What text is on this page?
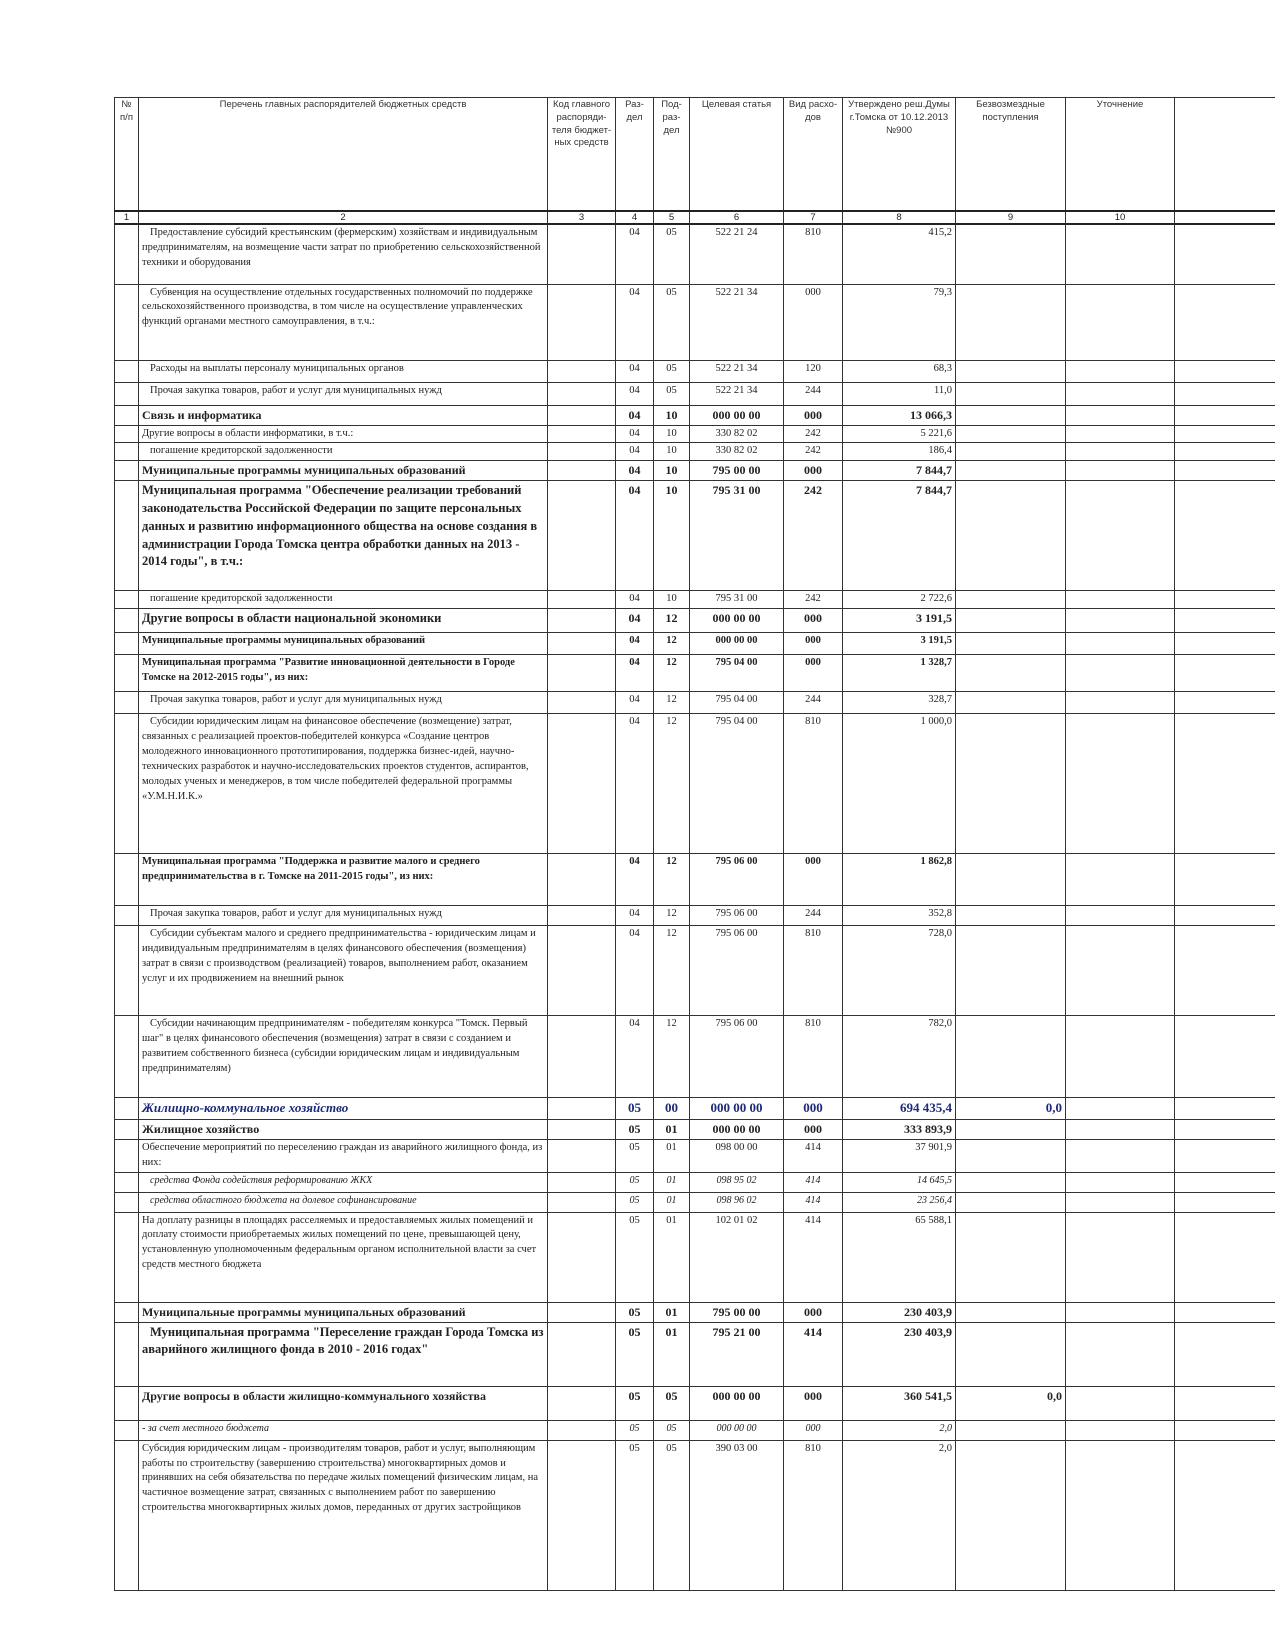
№ п/п	Перечень главных распорядителей бюджетных средств	Код главного распоряди-теля бюджет-ных средств	Раз-дел	Под-раз-дел	Целевая статья	Вид расхо-дов	Утверждено реш.Думы г.Томска от 10.12.2013 №900	Безвозмездные поступления	Уточнение	
1	2	3	4	5	6	7	8	9	10	
	Предоставление субсидий крестьянским (фермерским) хозяйствам и индивидуальным предпринимателям, на возмещение части затрат по приобретению сельскохозяйственной техники и оборудования		04	05	522 21 24	810	415,2			
	Субвенция на осуществление отдельных государственных полномочий по поддержке сельскохозяйственного производства, в том числе на осуществление управленческих функций органами местного самоуправления, в т.ч.:		04	05	522 21 34	000	79,3			
	Расходы на выплаты персоналу муниципальных органов		04	05	522 21 34	120	68,3			
	Прочая закупка товаров, работ и услуг для муниципальных нужд		04	05	522 21 34	244	11,0			
	Связь и информатика		04	10	000 00 00	000	13 066,3			
	Другие вопросы в области информатики, в т.ч.:		04	10	330 82 02	242	5 221,6			
	погашение кредиторской задолженности		04	10	330 82 02	242	186,4			
	Муниципальные программы муниципальных образований		04	10	795 00 00	000	7 844,7			
	Муниципальная программа "Обеспечение реализации требований законодательства Российской Федерации по защите персональных данных и развитию информационного общества на основе создания в администрации Города Томска центра обработки данных на 2013 - 2014 годы", в т.ч.:		04	10	795 31 00	242	7 844,7			
	погашение кредиторской задолженности		04	10	795 31 00	242	2 722,6			
	Другие вопросы в области национальной экономики		04	12	000 00 00	000	3 191,5			
	Муниципальные программы муниципальных образований		04	12	000 00 00	000	3 191,5			
	Муниципальная программа "Развитие инновационной деятельности в Городе Томске на 2012-2015 годы", из них:		04	12	795 04 00	000	1 328,7			
	Прочая закупка товаров, работ и услуг для муниципальных нужд		04	12	795 04 00	244	328,7			
	Субсидии юридическим лицам на финансовое обеспечение (возмещение) затрат, связанных с реализацией проектов-победителей конкурса «Создание центров молодежного инновационного прототипирования, поддержка бизнес-идей, научно-технических разработок и научно-исследовательских проектов студентов, аспирантов, молодых ученых и менеджеров, в том числе победителей федеральной программы «У.М.Н.И.К.»		04	12	795 04 00	810	1 000,0			
	Муниципальная программа "Поддержка и развитие малого и среднего предпринимательства в г. Томске на 2011-2015 годы", из них:		04	12	795 06 00	000	1 862,8			
	Прочая закупка товаров, работ и услуг для муниципальных нужд		04	12	795 06 00	244	352,8			
	Субсидии субъектам малого и среднего предпринимательства - юридическим лицам и индивидуальным предпринимателям в целях финансового обеспечения (возмещения) затрат в связи с производством (реализацией) товаров, выполнением работ, оказанием услуг и их продвижением на внешний рынок		04	12	795 06 00	810	728,0			
	Субсидии начинающим предпринимателям - победителям конкурса "Томск. Первый шаг" в целях финансового обеспечения (возмещения) затрат в связи с созданием и развитием собственного бизнеса (субсидии юридическим лицам и индивидуальным предпринимателям)		04	12	795 06 00	810	782,0			
	Жилищно-коммунальное хозяйство		05	00	000 00 00	000	694 435,4	0,0		
	Жилищное хозяйство		05	01	000 00 00	000	333 893,9			
	Обеспечение мероприятий по переселению граждан из аварийного жилищного фонда, из них:		05	01	098 00 00	414	37 901,9			
	средства Фонда содействия реформированию ЖКХ		05	01	098 95 02	414	14 645,5			
	средства областного бюджета на долевое софинансирование		05	01	098 96 02	414	23 256,4			
	На доплату разницы в площадях расселяемых и предоставляемых жилых помещений и доплату стоимости приобретаемых жилых помещений по цене, превышающей цену, установленную уполномоченным федеральным органом исполнительной власти за счет средств местного бюджета		05	01	102 01 02	414	65 588,1			
	Муниципальные программы муниципальных образований		05	01	795 00 00	000	230 403,9			
	Муниципальная программа "Переселение граждан Города Томска из аварийного жилищного фонда в 2010 - 2016 годах"		05	01	795 21 00	414	230 403,9			
	Другие вопросы в области жилищно-коммунального хозяйства		05	05	000 00 00	000	360 541,5	0,0		
	- за счет местного бюджета		05	05	000 00 00	000	2,0			
	Субсидия юридическим лицам - производителям товаров, работ и услуг, выполняющим работы по строительству (завершению строительства) многоквартирных домов и принявших на себя обязательства по передаче жилых помещений физическим лицам, на частичное возмещение затрат, связанных с выполнением работ по завершению строительства многоквартирных жилых домов, переданных от других застройщиков		05	05	390 03 00	810	2,0			
